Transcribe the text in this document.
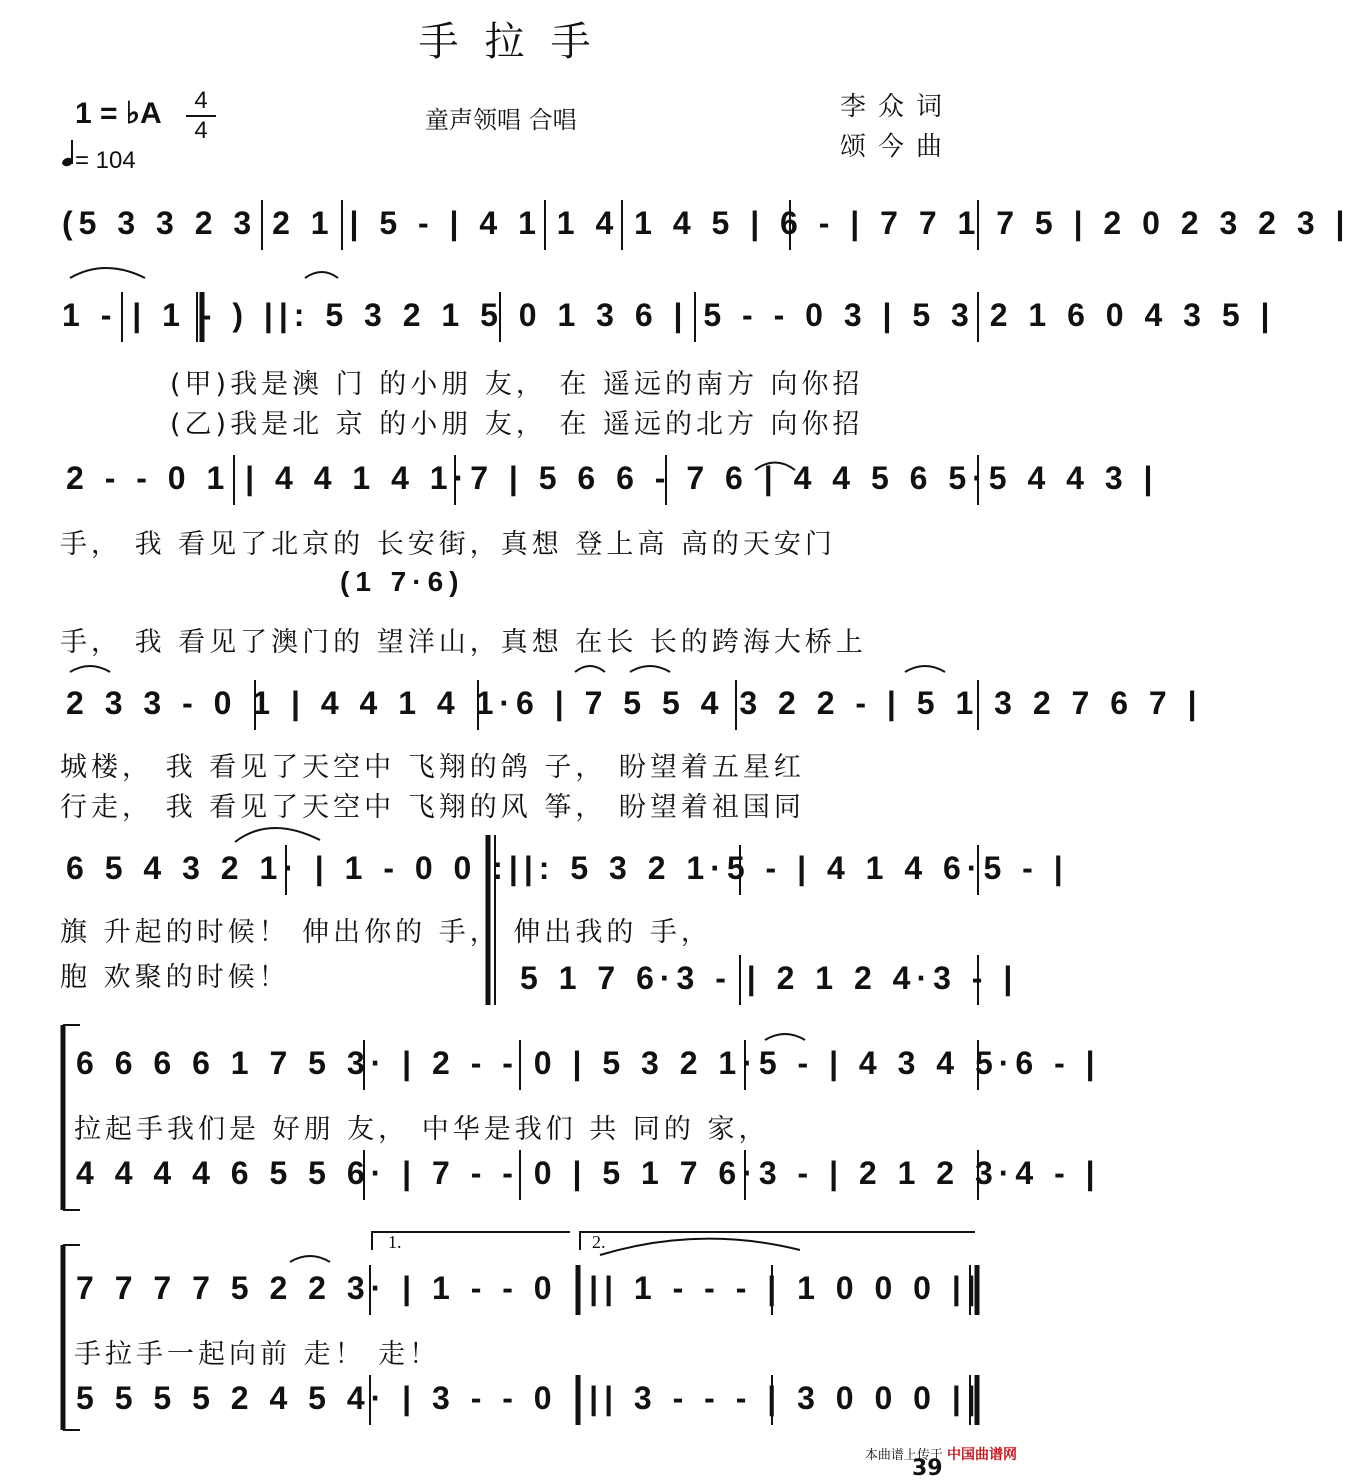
手拉手
1 = ♭A	4
4
= 104
童声领唱 合唱	李众词
颂今曲
(5 3 3 2 3 2 1 | 5 - | 4 1 1 4 1 4 5 | 6 - | 7 7 1 7 5 | 2 0 2 3 2 3 |
1 - | 1 - ) ||: 5 3 2 1 5 0 1 3 6 | 5 - - 0 3 | 5 3 2 1 6 0 4 3 5 |
(甲)我是澳 门 的小朋 友， 在 遥远的南方 向你招
(乙)我是北 京 的小朋 友， 在 遥远的北方 向你招
2 - - 0 1 | 4 4 1 4 1·7 | 5 6 6 - 7 6 | 4 4 5 6 5·5 4 4 3 |
手， 我 看见了北京的 长安街，真想 登上高 高的天安门
(1 7·6)
手， 我 看见了澳门的 望洋山，真想 在长 长的跨海大桥上
2 3 3 - 0 1 | 4 4 1 4 1·6 | 7 5 5 4 3 2 2 - | 5 1 3 2 7 6 7 |
城楼， 我 看见了天空中 飞翔的鸽 子， 盼望着五星红
行走， 我 看见了天空中 飞翔的风 筝， 盼望着祖国同
6 5 4 3 2 1· | 1 - 0 0 :||: 5 3 2 1·5 - | 4 1 4 6·5 - |
旗 升起的时候！ 伸出你的 手， 伸出我的 手，
胞 欢聚的时候！	5 1 7 6·3 - | 2 1 2 4·3 - |
6 6 6 6 1 7 5 3· | 2 - - 0 | 5 3 2 1·5 - | 4 3 4 5·6 - |
拉起手我们是 好朋 友， 中华是我们 共 同的 家，
4 4 4 4 6 5 5 6· | 7 - - 0 | 5 1 7 6·3 - | 2 1 2 3·4 - |
1.	2.
7 7 7 7 5 2 2 3· | 1 - - 0 :|| 1 - - - | 1 0 0 0 ||
手拉手一起向前 走！ 走！
5 5 5 5 2 4 5 4· | 3 - - 0 :|| 3 - - - | 3 0 0 0 ||
本曲谱上传于 中国曲谱网
39
